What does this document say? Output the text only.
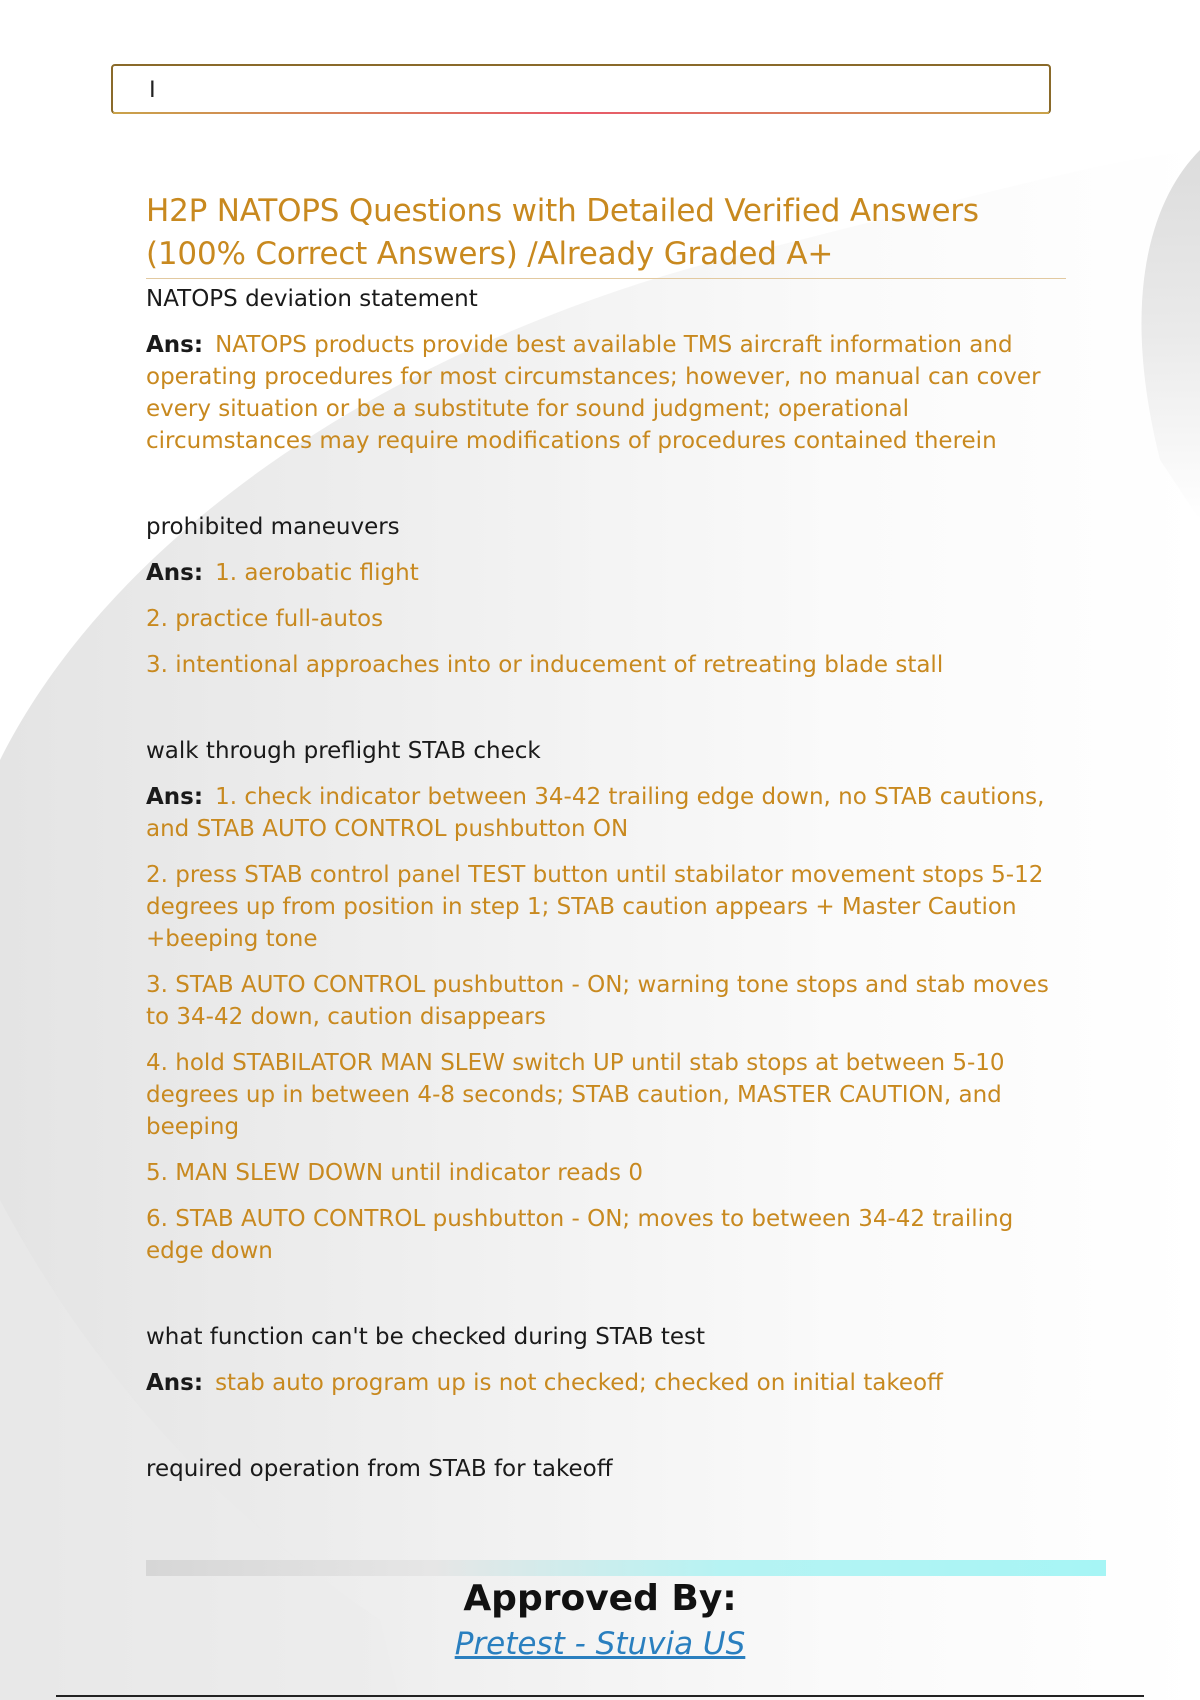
I
H2P NATOPS Questions with Detailed Verified Answers (100% Correct Answers) /Already Graded A+

NATOPS deviation statement

Ans: NATOPS products provide best available TMS aircraft information and operating procedures for most circumstances; however, no manual can cover every situation or be a substitute for sound judgment; operational circumstances may require modifications of procedures contained therein

prohibited maneuvers

Ans: 1. aerobatic flight

2. practice full-autos

3. intentional approaches into or inducement of retreating blade stall

walk through preflight STAB check

Ans: 1. check indicator between 34-42 trailing edge down, no STAB cautions, and STAB AUTO CONTROL pushbutton ON

2. press STAB control panel TEST button until stabilator movement stops 5-12 degrees up from position in step 1; STAB caution appears + Master Caution +beeping tone

3. STAB AUTO CONTROL pushbutton - ON; warning tone stops and stab moves to 34-42 down, caution disappears

4. hold STABILATOR MAN SLEW switch UP until stab stops at between 5-10 degrees up in between 4-8 seconds; STAB caution, MASTER CAUTION, and beeping

5. MAN SLEW DOWN until indicator reads 0

6. STAB AUTO CONTROL pushbutton - ON; moves to between 34-42 trailing edge down

what function can't be checked during STAB test

Ans: stab auto program up is not checked; checked on initial takeoff

required operation from STAB for takeoff

Approved By:
Pretest - Stuvia US
